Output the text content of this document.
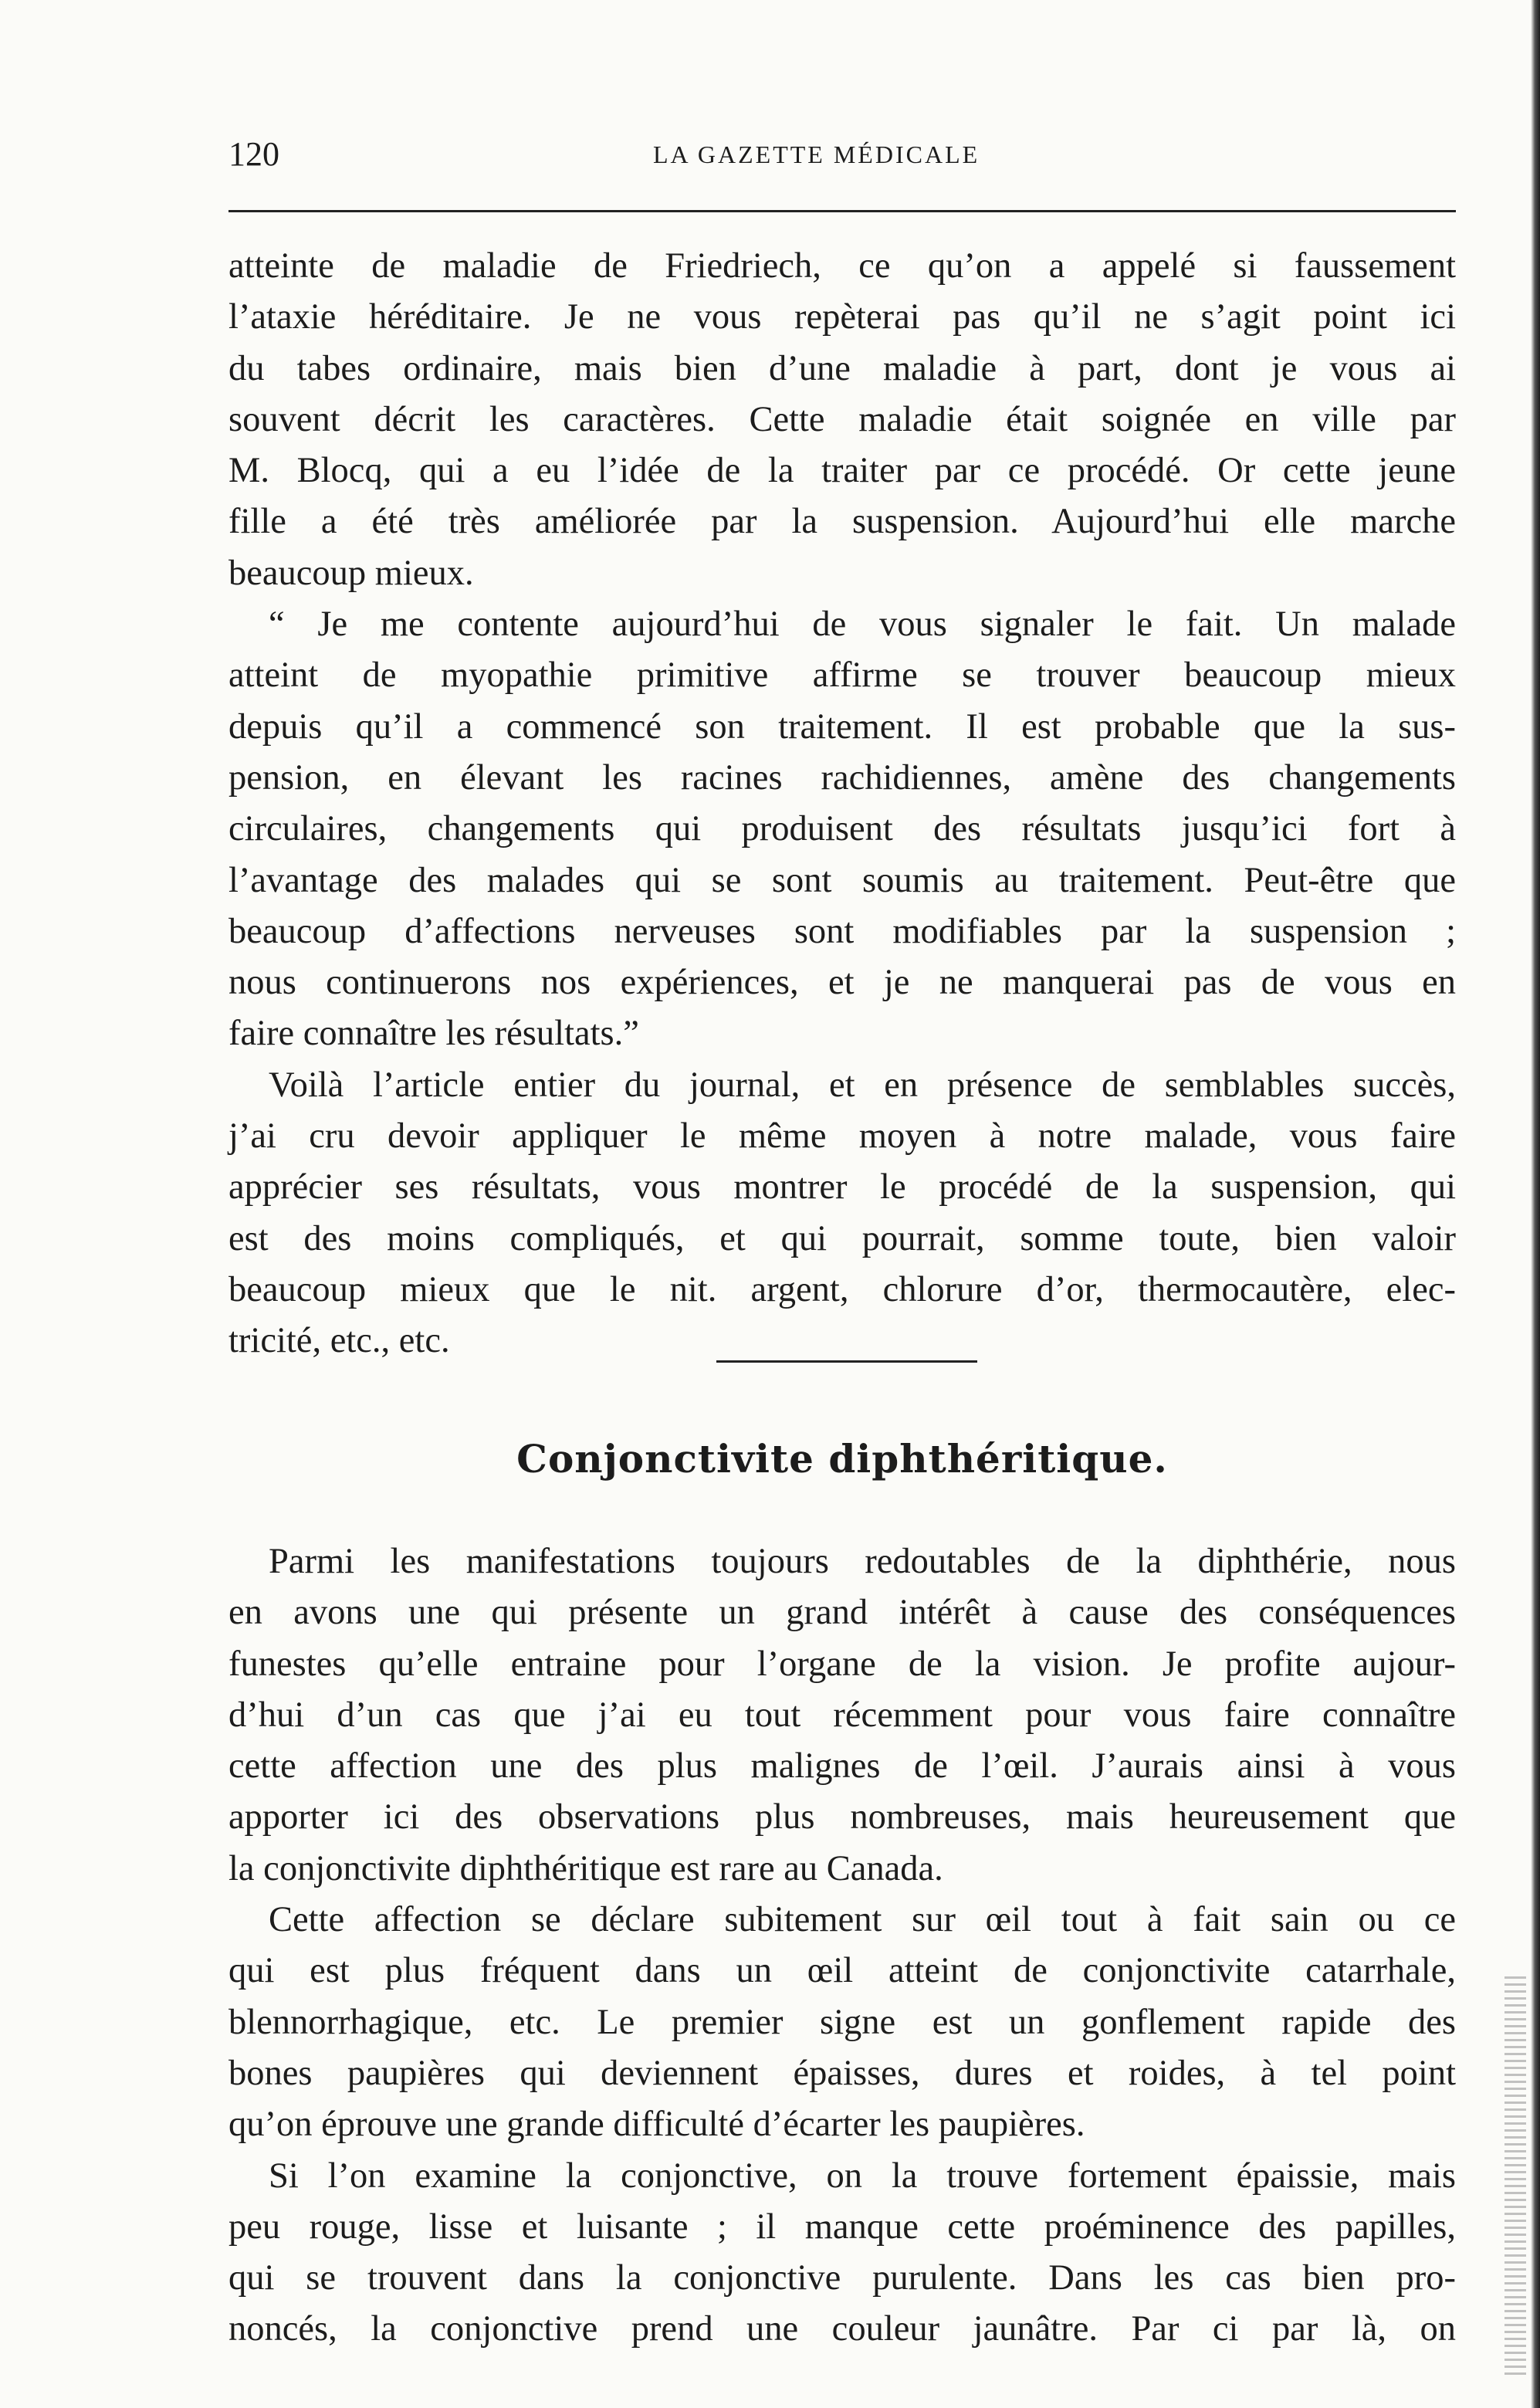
120	LA GAZETTE MÉDICALE

atteinte de maladie de Friedriech, ce qu’on a appelé si faussement
l’ataxie héréditaire. Je ne vous repèterai pas qu’il ne s’agit point ici
du tabes ordinaire, mais bien d’une maladie à part, dont je vous ai
souvent décrit les caractères. Cette maladie était soignée en ville par
M. Blocq, qui a eu l’idée de la traiter par ce procédé. Or cette jeune
fille a été très améliorée par la suspension. Aujourd’hui elle marche
beaucoup mieux.

“ Je me contente aujourd’hui de vous signaler le fait. Un malade
atteint de myopathie primitive affirme se trouver beaucoup mieux
depuis qu’il a commencé son traitement. Il est probable que la sus-
pension, en élevant les racines rachidiennes, amène des changements
circulaires, changements qui produisent des résultats jusqu’ici fort à
l’avantage des malades qui se sont soumis au traitement. Peut-être que
beaucoup d’affections nerveuses sont modifiables par la suspension ;
nous continuerons nos expériences, et je ne manquerai pas de vous en
faire connaître les résultats.”

Voilà l’article entier du journal, et en présence de semblables succès,
j’ai cru devoir appliquer le même moyen à notre malade, vous faire
apprécier ses résultats, vous montrer le procédé de la suspension, qui
est des moins compliqués, et qui pourrait, somme toute, bien valoir
beaucoup mieux que le nit. argent, chlorure d’or, thermocautère, elec-
tricité, etc., etc.

Conjonctivite diphthéritique.

Parmi les manifestations toujours redoutables de la diphthérie, nous
en avons une qui présente un grand intérêt à cause des conséquences
funestes qu’elle entraine pour l’organe de la vision. Je profite aujour-
d’hui d’un cas que j’ai eu tout récemment pour vous faire connaître
cette affection une des plus malignes de l’œil. J’aurais ainsi à vous
apporter ici des observations plus nombreuses, mais heureusement que
la conjonctivite diphthéritique est rare au Canada.

Cette affection se déclare subitement sur œil tout à fait sain ou ce
qui est plus fréquent dans un œil atteint de conjonctivite catarrhale,
blennorrhagique, etc. Le premier signe est un gonflement rapide des
bones paupières qui deviennent épaisses, dures et roides, à tel point
qu’on éprouve une grande difficulté d’écarter les paupières.

Si l’on examine la conjonctive, on la trouve fortement épaissie, mais
peu rouge, lisse et luisante ; il manque cette proéminence des papilles,
qui se trouvent dans la conjonctive purulente. Dans les cas bien pro-
noncés, la conjonctive prend une couleur jaunâtre. Par ci par là, on
